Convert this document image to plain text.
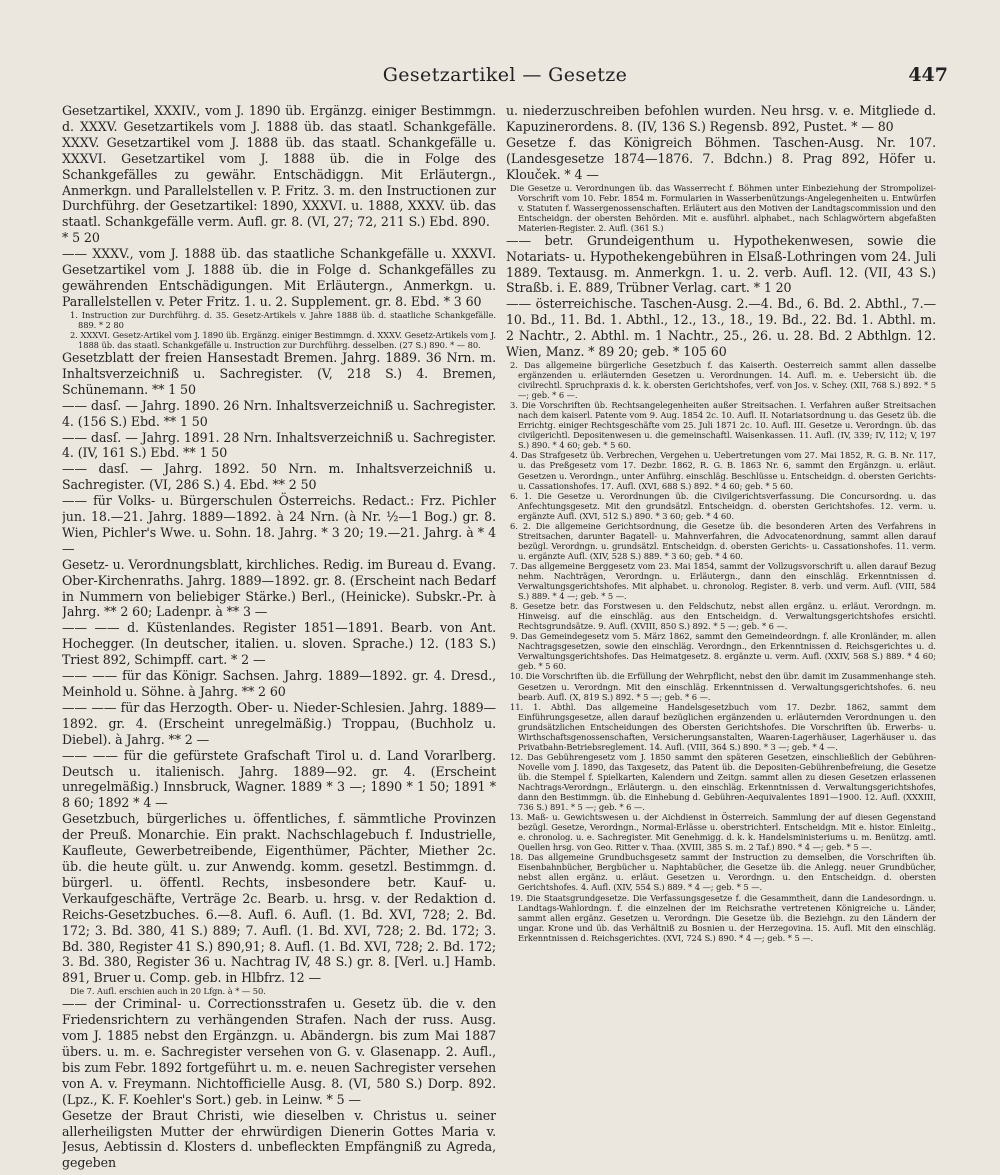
Gesetzartikel — Gesetze	447

Gesetzartikel, XXXIV., vom J. 1890 üb. Ergänzg. einiger Bestimmgn. d. XXXV. Gesetzartikels vom J. 1888 üb. das staatl. Schankgefälle. XXXV. Gesetzartikel vom J. 1888 üb. das staatl. Schankgefälle u. XXXVI. Gesetzartikel vom J. 1888 üb. die in Folge des Schankgefälles zu gewähr. Entschädiggn. Mit Erläutergn., Anmerkgn. und Parallelstellen v. P. Fritz. 3. m. den Instructionen zur Durchführg. der Gesetzartikel: 1890, XXXVI. u. 1888, XXXV. üb. das staatl. Schankgefälle verm. Aufl. gr. 8. (VI, 27; 72, 211 S.) Ebd. 890.

* 5 20

—— XXXV., vom J. 1888 üb. das staatliche Schankgefälle u. XXXVI. Gesetzartikel vom J. 1888 üb. die in Folge d. Schankgefälles zu gewährenden Entschädigungen. Mit Erläutergn., Anmerkgn. u. Parallelstellen v. Peter Fritz. 1. u. 2. Supplement. gr. 8. Ebd. * 3 60

1. Instruction zur Durchführg. d. 35. Gesetz-Artikels v. Jahre 1888 üb. d. staatliche Schankgefälle. 889. * 2 80

2. XXXVI. Gesetz-Artikel vom J. 1890 üb. Ergänzg. einiger Bestimmgn. d. XXXV. Gesetz-Artikels vom J. 1888 üb. das staatl. Schankgefälle u. Instruction zur Durchführg. desselben. (27 S.) 890. * — 80.

Gesetzblatt der freien Hansestadt Bremen. Jahrg. 1889. 36 Nrn. m. Inhaltsverzeichniß u. Sachregister. (V, 218 S.) 4. Bremen, Schünemann. ** 1 50

—— dasſ. — Jahrg. 1890. 26 Nrn. Inhaltsverzeichniß u. Sachregister. 4. (156 S.) Ebd. ** 1 50

—— dasſ. — Jahrg. 1891. 28 Nrn. Inhaltsverzeichniß u. Sachregister. 4. (IV, 161 S.) Ebd. ** 1 50

—— dasſ. — Jahrg. 1892. 50 Nrn. m. Inhaltsverzeichniß u. Sachregister. (VI, 286 S.) 4. Ebd. ** 2 50

—— für Volks- u. Bürgerschulen Österreichs. Redact.: Frz. Pichler jun. 18.—21. Jahrg. 1889—1892. à 24 Nrn. (à Nr. ½—1 Bog.) gr. 8. Wien, Pichler's Wwe. u. Sohn. 18. Jahrg. * 3 20; 19.—21. Jahrg. à * 4 —

Gesetz- u. Verordnungsblatt, kirchliches. Redig. im Bureau d. Evang. Ober-Kirchenraths. Jahrg. 1889—1892. gr. 8. (Erscheint nach Bedarf in Nummern von beliebiger Stärke.) Berl., (Heinicke). Subskr.-Pr. à Jahrg. ** 2 60; Ladenpr. à ** 3 —

—— —— d. Küstenlandes. Register 1851—1891. Bearb. von Ant. Hochegger. (In deutscher, italien. u. sloven. Sprache.) 12. (183 S.) Triest 892, Schimpff. cart. * 2 —

—— —— für das Königr. Sachsen. Jahrg. 1889—1892. gr. 4. Dresd., Meinhold u. Söhne. à Jahrg. ** 2 60

—— —— für das Herzogth. Ober- u. Nieder-Schlesien. Jahrg. 1889—1892. gr. 4. (Erscheint unregelmäßig.) Troppau, (Buchholz u. Diebel). à Jahrg. ** 2 —

—— —— für die gefürstete Grafschaft Tirol u. d. Land Vorarlberg. Deutsch u. italienisch. Jahrg. 1889—92. gr. 4. (Erscheint unregelmäßig.) Innsbruck, Wagner. 1889 * 3 —; 1890 * 1 50; 1891 * 8 60; 1892 * 4 —

Gesetzbuch, bürgerliches u. öffentliches, f. sämmtliche Provinzen der Preuß. Monarchie. Ein prakt. Nachschlagebuch f. Industrielle, Kaufleute, Gewerbetreibende, Eigenthümer, Pächter, Miether 2c. üb. die heute gült. u. zur Anwendg. komm. gesetzl. Bestimmgn. d. bürgerl. u. öffentl. Rechts, insbesondere betr. Kauf- u. Verkaufgeschäfte, Verträge 2c. Bearb. u. hrsg. v. der Redaktion d. Reichs-Gesetzbuches. 6.—8. Aufl. 6. Aufl. (1. Bd. XVI, 728; 2. Bd. 172; 3. Bd. 380, 41 S.) 889; 7. Aufl. (1. Bd. XVI, 728; 2. Bd. 172; 3. Bd. 380, Register 41 S.) 890,91; 8. Aufl. (1. Bd. XVI, 728; 2. Bd. 172; 3. Bd. 380, Register 36 u. Nachtrag IV, 48 S.) gr. 8. [Verl. u.] Hamb. 891, Bruer u. Comp. geb. in Hlbfrz. 12 —

Die 7. Aufl. erschien auch in 20 Lfgn. à * — 50.

—— der Criminal- u. Correctionsstrafen u. Gesetz üb. die v. den Friedensrichtern zu verhängenden Strafen. Nach der russ. Ausg. vom J. 1885 nebst den Ergänzgn. u. Abändergn. bis zum Mai 1887 übers. u. m. e. Sachregister versehen von G. v. Glasenapp. 2. Aufl., bis zum Febr. 1892 fortgeführt u. m. e. neuen Sachregister versehen von A. v. Freymann. Nichtofficielle Ausg. 8. (VI, 580 S.) Dorp. 892. (Lpz., K. F. Koehler's Sort.) geb. in Leinw. * 5 —

Gesetze der Braut Christi, wie dieselben v. Christus u. seiner allerheiligsten Mutter der ehrwürdigen Dienerin Gottes Maria v. Jesus, Aebtissin d. Klosters d. unbefleckten Empfängniß zu Agreda, gegeben

u. niederzuschreiben befohlen wurden. Neu hrsg. v. e. Mitgliede d. Kapuzinerordens. 8. (IV, 136 S.) Regensb. 892, Pustet. * — 80

Gesetze f. das Königreich Böhmen. Taschen-Ausg. Nr. 107. (Landesgesetze 1874—1876. 7. Bdchn.) 8. Prag 892, Höfer u. Klouček. * 4 —

Die Gesetze u. Verordnungen üb. das Wasserrecht f. Böhmen unter Einbeziehung der Strompolizei-Vorschrift vom 10. Febr. 1854 m. Formularien in Wasserbenützungs-Angelegenheiten u. Entwürfen v. Statuten f. Wassergenossenschaften. Erläutert aus den Motiven der Landtagscommission und den Entscheidgn. der obersten Behörden. Mit e. ausführl. alphabet., nach Schlagwörtern abgefaßten Materien-Register. 2. Aufl. (361 S.)

—— betr. Grundeigenthum u. Hypothekenwesen, sowie die Notariats- u. Hypothekengebühren in Elsaß-Lothringen vom 24. Juli 1889. Textausg. m. Anmerkgn. 1. u. 2. verb. Aufl. 12. (VII, 43 S.) Straßb. i. E. 889, Trübner Verlag. cart. * 1 20

—— österreichische. Taschen-Ausg. 2.—4. Bd., 6. Bd. 2. Abthl., 7.—10. Bd., 11. Bd. 1. Abthl., 12., 13., 18., 19. Bd., 22. Bd. 1. Abthl. m. 2 Nachtr., 2. Abthl. m. 1 Nachtr., 25., 26. u. 28. Bd. 2 Abthlgn. 12. Wien, Manz. * 89 20; geb. * 105 60

2. Das allgemeine bürgerliche Gesetzbuch f. das Kaiserth. Oesterreich sammt allen dasselbe ergänzenden u. erläuternden Gesetzen u. Verordnungen. 14. Aufl. m. e. Uebersicht üb. die civilrechtl. Spruchpraxis d. k. k. obersten Gerichtshofes, verf. von Jos. v. Schey. (XII, 768 S.) 892. * 5 —; geb. * 6 —.

3. Die Vorschriften üb. Rechtsangelegenheiten außer Streitsachen. I. Verfahren außer Streitsachen nach dem kaiserl. Patente vom 9. Aug. 1854 2c. 10. Aufl. II. Notariatsordnung u. das Gesetz üb. die Errichtg. einiger Rechtsgeschäfte vom 25. Juli 1871 2c. 10. Aufl. III. Gesetze u. Verordngn. üb. das civilgerichtl. Depositenwesen u. die gemeinschaftl. Waisenkassen. 11. Aufl. (IV, 339; IV, 112; V, 197 S.) 890. * 4 60; geb. * 5 60.

4. Das Strafgesetz üb. Verbrechen, Vergehen u. Uebertretungen vom 27. Mai 1852, R. G. B. Nr. 117, u. das Preßgesetz vom 17. Dezbr. 1862, R. G. B. 1863 Nr. 6, sammt den Ergänzgn. u. erläut. Gesetzen u. Verordngn., unter Anführg. einschläg. Beschlüsse u. Entscheidgn. d. obersten Gerichts- u. Cassationshofes. 17. Aufl. (XVI, 688 S.) 892. * 4 60; geb. * 5 60.

6. 1. Die Gesetze u. Verordnungen üb. die Civilgerichtsverfassung. Die Concursordng. u. das Anfechtungsgesetz. Mit den grundsätzl. Entscheidgn. d. obersten Gerichtshofes. 12. verm. u. ergänzte Aufl. (XVI, 512 S.) 890. * 3 60; geb. * 4 60.

6. 2. Die allgemeine Gerichtsordnung, die Gesetze üb. die besonderen Arten des Verfahrens in Streitsachen, darunter Bagatell- u. Mahnverfahren, die Advocatenordnung, sammt allen darauf bezügl. Verordngn. u. grundsätzl. Entscheidgn. d. obersten Gerichts- u. Cassationshofes. 11. verm. u. ergänzte Aufl. (XIV, 528 S.) 889. * 3 60; geb. * 4 60.

7. Das allgemeine Berggesetz vom 23. Mai 1854, sammt der Vollzugsvorschrift u. allen darauf Bezug nehm. Nachträgen, Verordngn. u. Erläutergn., dann den einschläg. Erkenntnissen d. Verwaltungsgerichtshofes. Mit alphabet. u. chronolog. Register. 8. verb. und verm. Aufl. (VIII, 584 S.) 889. * 4 —; geb. * 5 —.

8. Gesetze betr. das Forstwesen u. den Feldschutz, nebst allen ergänz. u. erläut. Verordngn. m. Hinweisg. auf die einschläg. aus den Entscheidgn. d. Verwaltungsgerichtshofes ersichtl. Rechtsgrundsätze. 9. Aufl. (XVIII, 850 S.) 892. * 5 —; geb. * 6 —.

9. Das Gemeindegesetz vom 5. März 1862, sammt den Gemeindeordngn. f. alle Kronländer, m. allen Nachtragsgesetzen, sowie den einschläg. Verordngn., den Erkenntnissen d. Reichsgerichtes u. d. Verwaltungsgerichtshofes. Das Heimatgesetz. 8. ergänzte u. verm. Aufl. (XXIV, 568 S.) 889. * 4 60; geb. * 5 60.

10. Die Vorschriften üb. die Erfüllung der Wehrpflicht, nebst den übr. damit im Zusammenhange steh. Gesetzen u. Verordngn. Mit den einschläg. Erkenntnissen d. Verwaltungsgerichtshofes. 6. neu bearb. Aufl. (X, 819 S.) 892. * 5 —; geb. * 6 —.

11. 1. Abthl. Das allgemeine Handelsgesetzbuch vom 17. Dezbr. 1862, sammt dem Einführungsgesetze, allen darauf bezüglichen ergänzenden u. erläuternden Verordnungen u. den grundsätzlichen Entscheidungen des Obersten Gerichtshofes. Die Vorschriften üb. Erwerbs- u. Wirthschaftsgenossenschaften, Versicherungsanstalten, Waaren-Lagerhäuser, Lagerhäuser u. das Privatbahn-Betriebsreglement. 14. Aufl. (VIII, 364 S.) 890. * 3 —; geb. * 4 —.

12. Das Gebührengesetz vom J. 1850 sammt den späteren Gesetzen, einschließlich der Gebühren-Novelle vom J. 1890, das Taxgesetz, das Patent üb. die Depositen-Gebührenbefreiung, die Gesetze üb. die Stempel f. Spielkarten, Kalendern und Zeitgn. sammt allen zu diesen Gesetzen erlassenen Nachtrags-Verordngn., Erläutergn. u. den einschläg. Erkenntnissen d. Verwaltungsgerichtshofes, dann den Bestimmgn. üb. die Einhebung d. Gebühren-Aequivalentes 1891—1900. 12. Aufl. (XXXIII, 736 S.) 891. * 5 —; geb. * 6 —.

13. Maß- u. Gewichtswesen u. der Aichdienst in Österreich. Sammlung der auf diesen Gegenstand bezügl. Gesetze, Verordngn., Normal-Erlässe u. oberstrichterl. Entscheidgn. Mit e. histor. Einleitg., e. chronolog. u. e. Sachregister. Mit Genehmigg. d. k. k. Handelsministeriums u. m. Benützg. amtl. Quellen hrsg. von Geo. Ritter v. Thaa. (XVIII, 385 S. m. 2 Taf.) 890. * 4 —; geb. * 5 —.

18. Das allgemeine Grundbuchsgesetz sammt der Instruction zu demselben, die Vorschriften üb. Eisenbahnbücher, Bergbücher u. Naphtabücher, die Gesetze üb. die Anlegg. neuer Grundbücher, nebst allen ergänz. u. erläut. Gesetzen u. Verordngn. u. den Entscheidgn. d. obersten Gerichtshofes. 4. Aufl. (XIV, 554 S.) 889. * 4 —; geb. * 5 —.

19. Die Staatsgrundgesetze. Die Verfassungsgesetze f. die Gesammtheit, dann die Landesordngn. u. Landtags-Wahlordngn. f. die einzelnen der im Reichsrathe vertretenen Königreiche u. Länder, sammt allen ergänz. Gesetzen u. Verordngn. Die Gesetze üb. die Beziehgn. zu den Ländern der ungar. Krone und üb. das Verhältniß zu Bosnien u. der Herzegovina. 15. Aufl. Mit den einschläg. Erkenntnissen d. Reichsgerichtes. (XVI, 724 S.) 890. * 4 —; geb. * 5 —.
